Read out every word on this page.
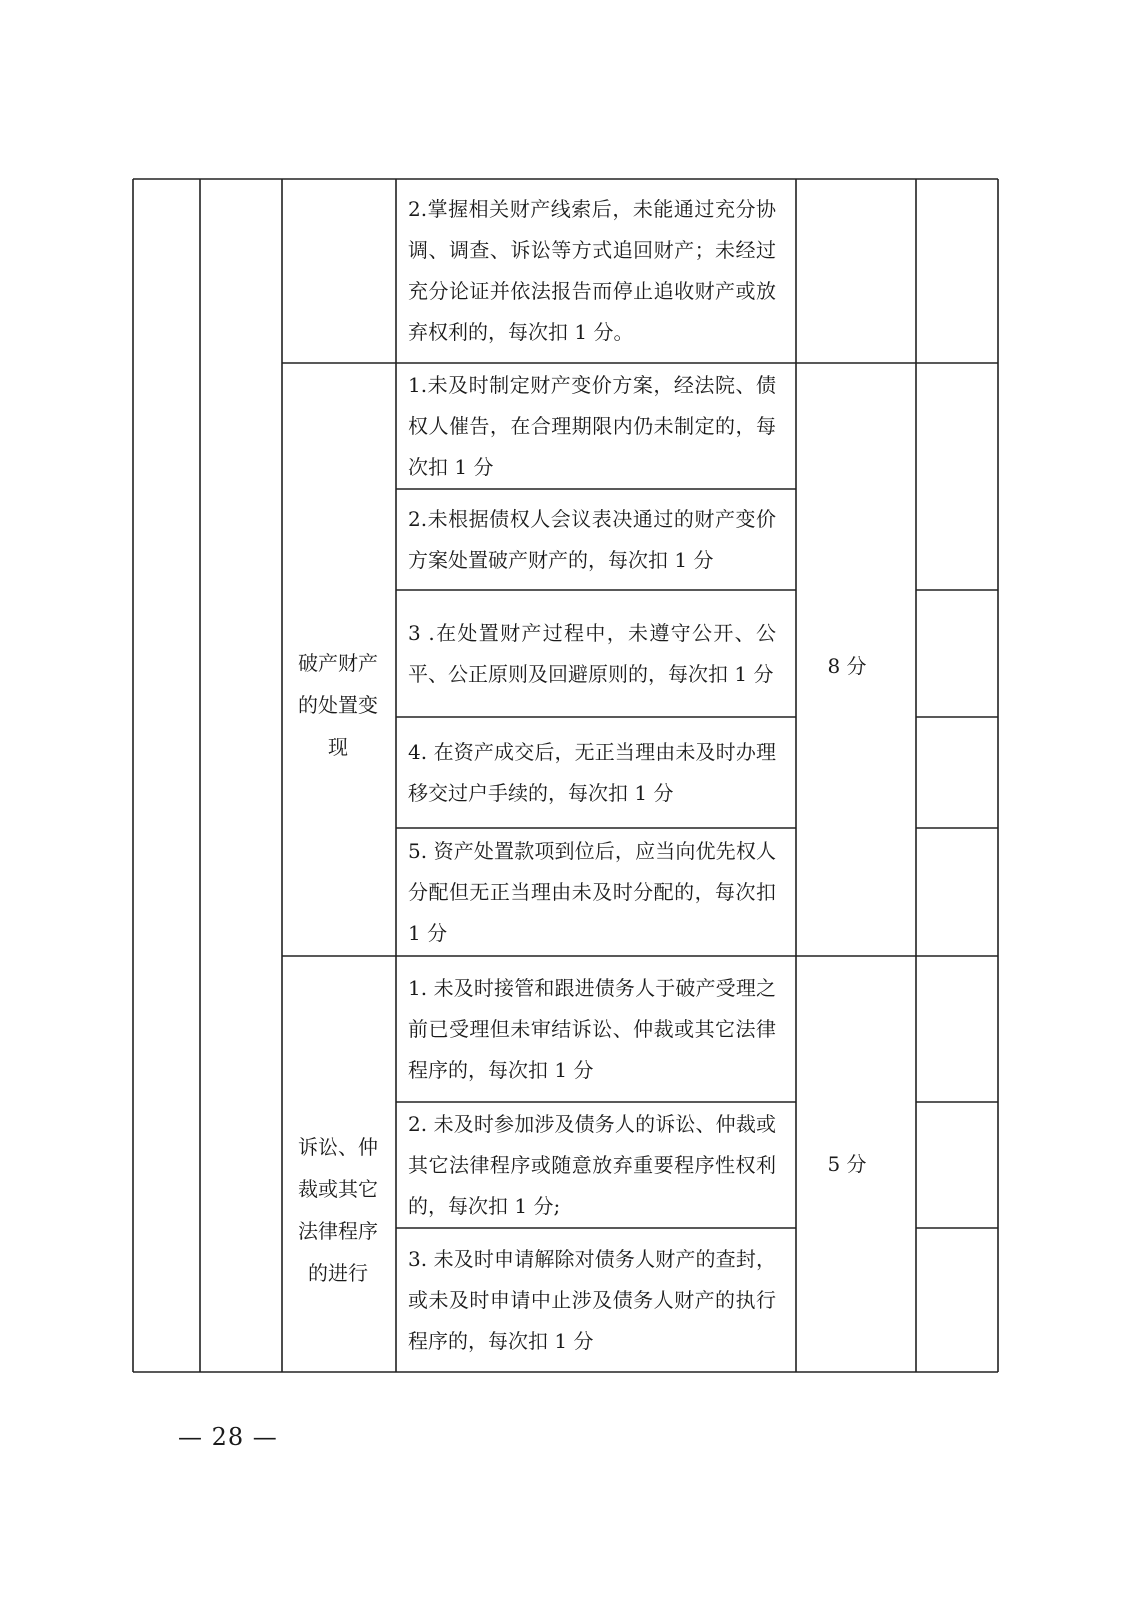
2.掌握相关财产线索后，未能通过充分协调、调查、诉讼等方式追回财产；未经过充分论证并依法报告而停止追收财产或放弃权利的，每次扣 1 分。
1.未及时制定财产变价方案，经法院、债权人催告，在合理期限内仍未制定的，每次扣 1 分
2.未根据债权人会议表决通过的财产变价方案处置破产财产的，每次扣 1 分
3 .在处置财产过程中，未遵守公开、公平、公正原则及回避原则的，每次扣 1 分
4. 在资产成交后，无正当理由未及时办理移交过户手续的，每次扣 1 分
5. 资产处置款项到位后，应当向优先权人分配但无正当理由未及时分配的，每次扣 1 分
1. 未及时接管和跟进债务人于破产受理之前已受理但未审结诉讼、仲裁或其它法律程序的，每次扣 1 分
2. 未及时参加涉及债务人的诉讼、仲裁或其它法律程序或随意放弃重要程序性权利的，每次扣 1 分;
3. 未及时申请解除对债务人财产的查封，或未及时申请中止涉及债务人财产的执行程序的，每次扣 1 分
破产财产的处置变现
诉讼、仲裁或其它法律程序的进行
8 分
5 分
— 28 —
